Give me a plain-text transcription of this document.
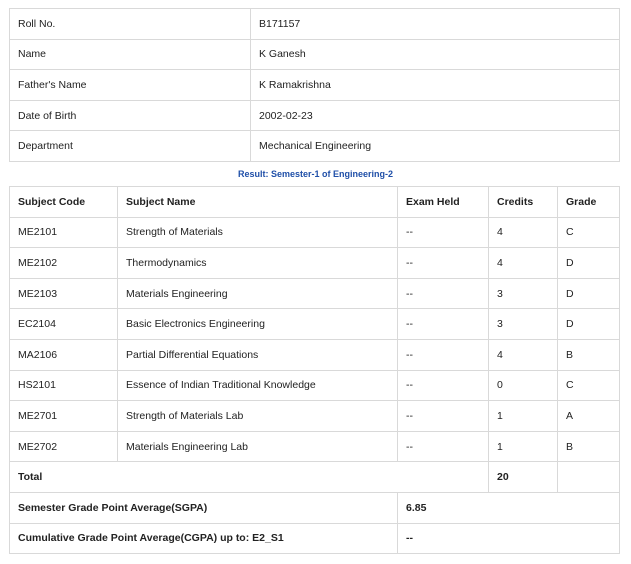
Roll No.	B171157
Name	K Ganesh
Father's Name	K Ramakrishna
Date of Birth	2002-02-23
Department	Mechanical Engineering
Result: Semester-1 of Engineering-2
Subject Code	Subject Name	Exam Held	Credits	Grade
ME2101	Strength of Materials	--	4	C
ME2102	Thermodynamics	--	4	D
ME2103	Materials Engineering	--	3	D
EC2104	Basic Electronics Engineering	--	3	D
MA2106	Partial Differential Equations	--	4	B
HS2101	Essence of Indian Traditional Knowledge	--	0	C
ME2701	Strength of Materials Lab	--	1	A
ME2702	Materials Engineering Lab	--	1	B
Total			20	
Semester Grade Point Average(SGPA)		6.85		
Cumulative Grade Point Average(CGPA) up to: E2_S1		--		
